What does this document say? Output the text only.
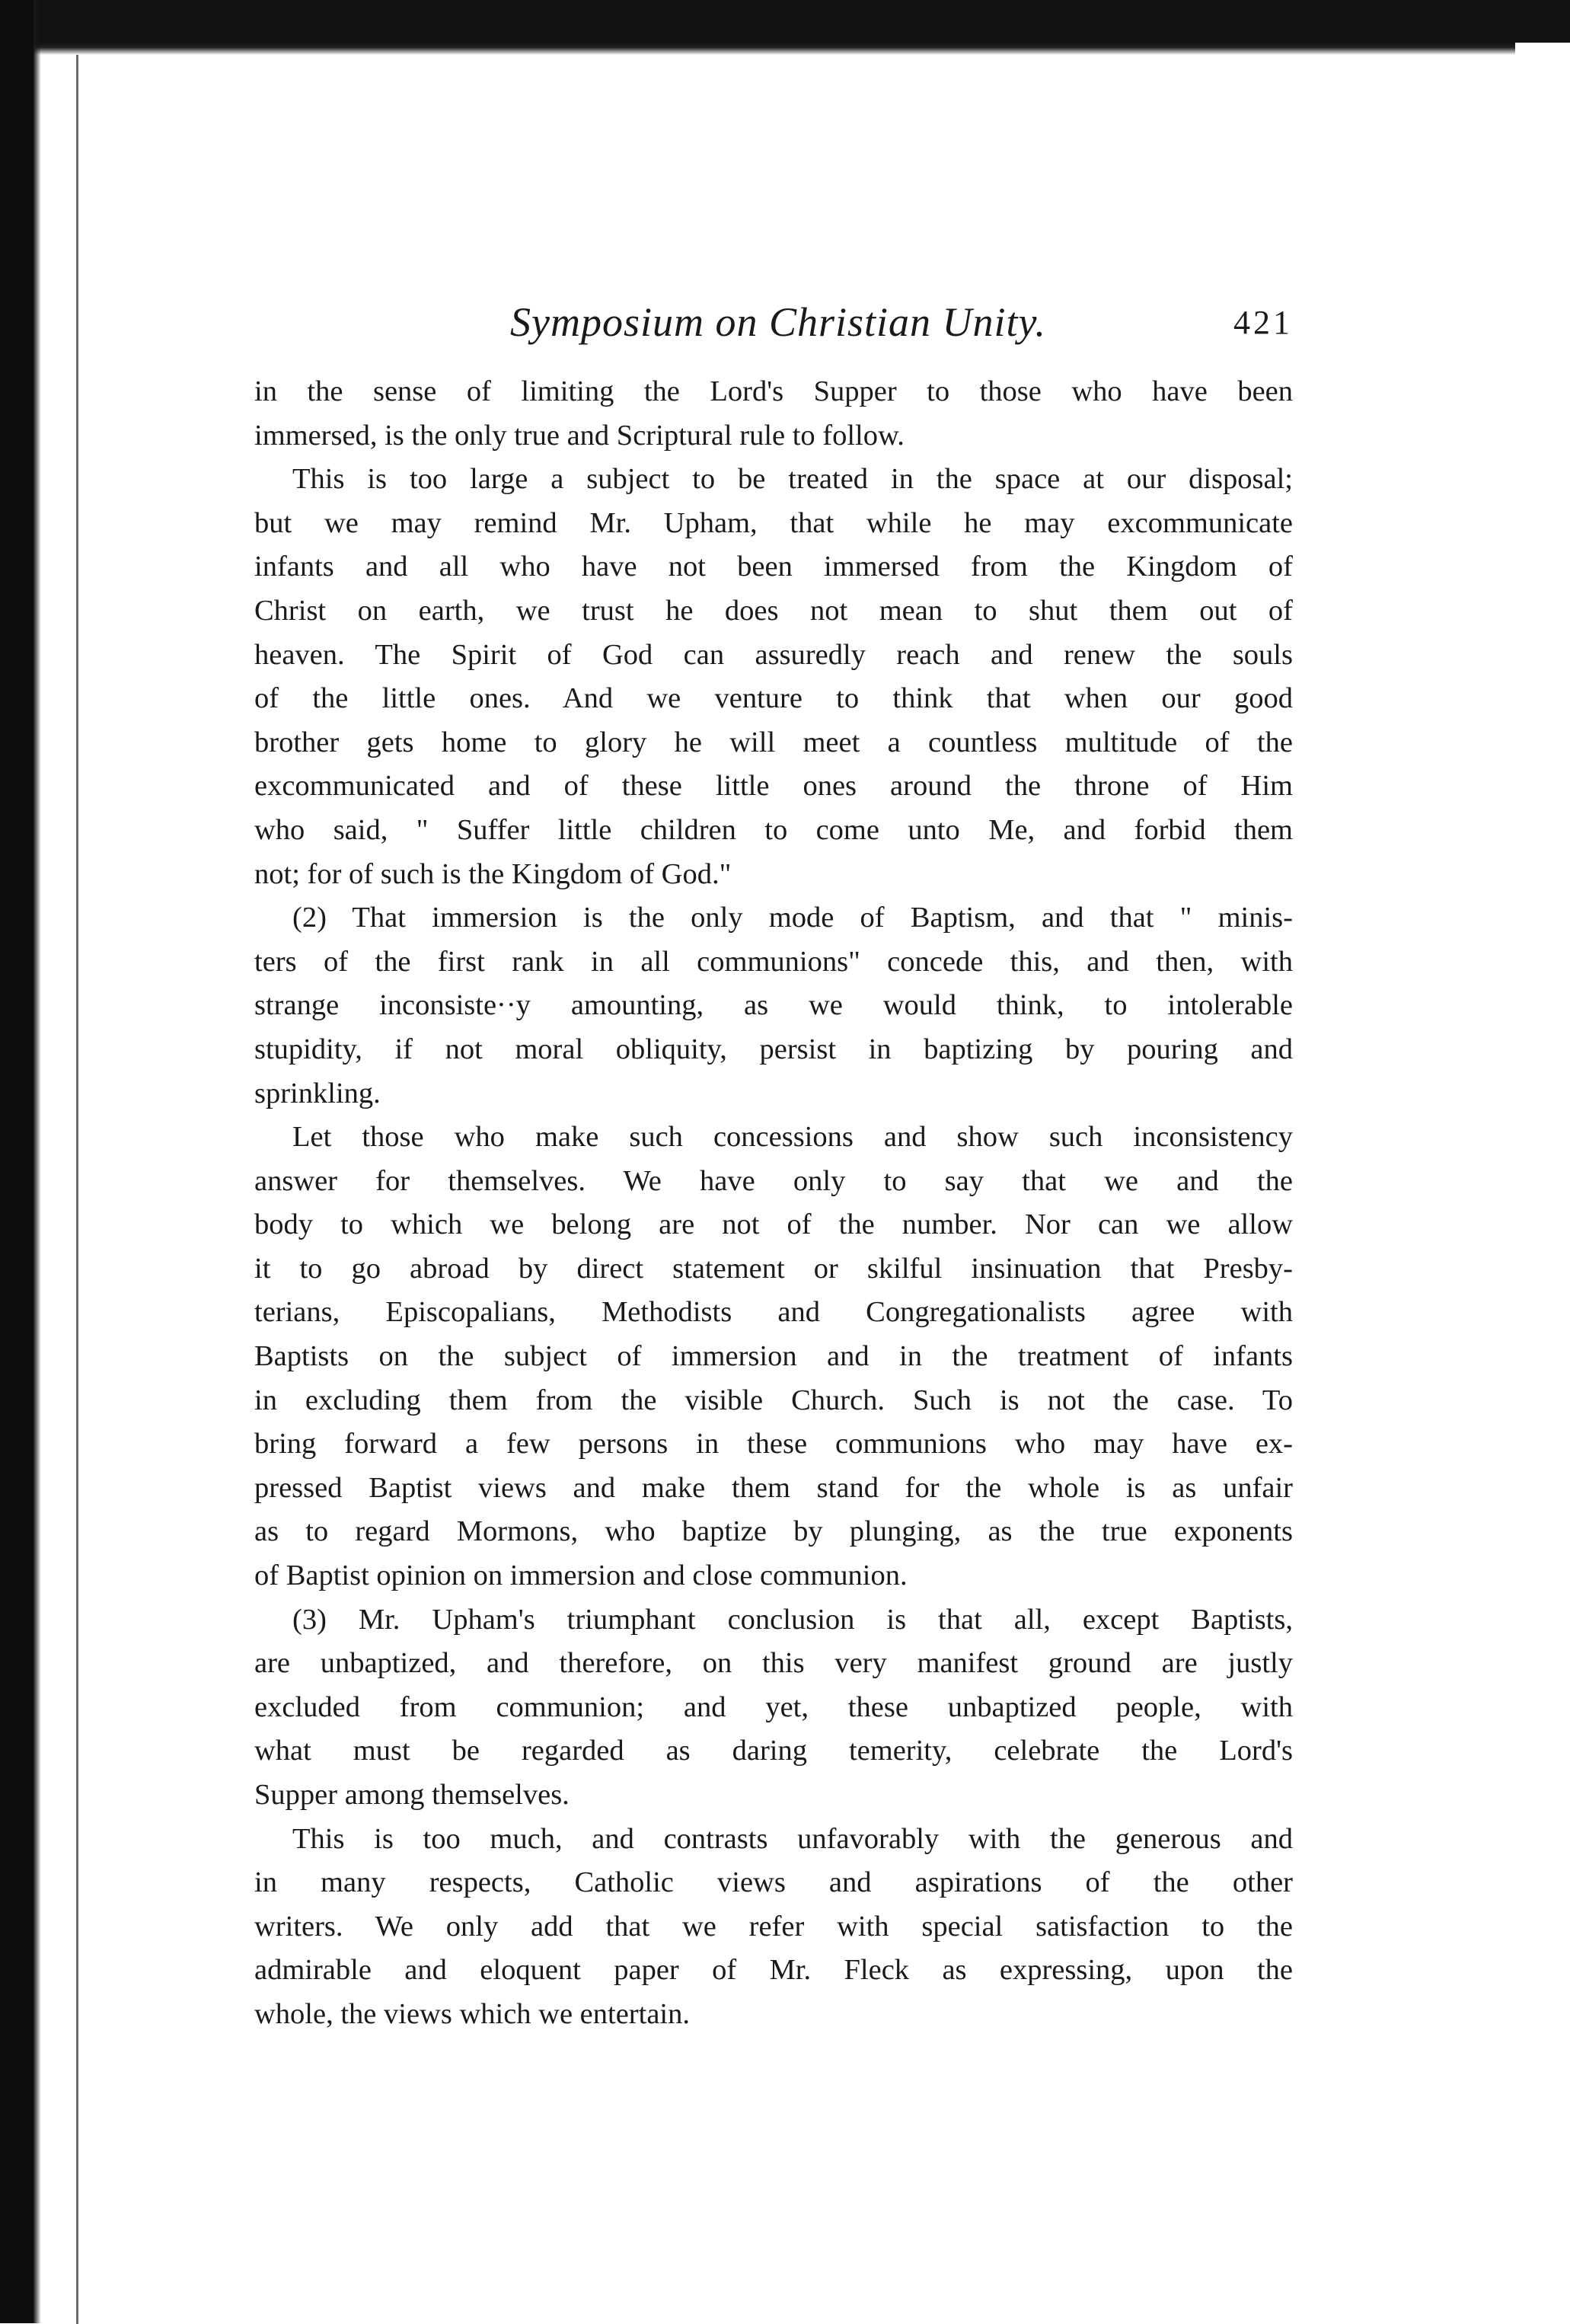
Symposium on Christian Unity.	421
in the sense of limiting the Lord's Supper to those who have been
immersed, is the only true and Scriptural rule to follow.
This is too large a subject to be treated in the space at our disposal;
but we may remind Mr. Upham, that while he may excommunicate
infants and all who have not been immersed from the Kingdom of
Christ on earth, we trust he does not mean to shut them out of
heaven. The Spirit of God can assuredly reach and renew the souls
of the little ones. And we venture to think that when our good
brother gets home to glory he will meet a countless multitude of the
excommunicated and of these little ones around the throne of Him
who said, " Suffer little children to come unto Me, and forbid them
not; for of such is the Kingdom of God."
(2) That immersion is the only mode of Baptism, and that " minis-
ters of the first rank in all communions" concede this, and then, with
strange inconsiste··y amounting, as we would think, to intolerable
stupidity, if not moral obliquity, persist in baptizing by pouring and
sprinkling.
Let those who make such concessions and show such inconsistency
answer for themselves. We have only to say that we and the
body to which we belong are not of the number. Nor can we allow
it to go abroad by direct statement or skilful insinuation that Presby-
terians, Episcopalians, Methodists and Congregationalists agree with
Baptists on the subject of immersion and in the treatment of infants
in excluding them from the visible Church. Such is not the case. To
bring forward a few persons in these communions who may have ex-
pressed Baptist views and make them stand for the whole is as unfair
as to regard Mormons, who baptize by plunging, as the true exponents
of Baptist opinion on immersion and close communion.
(3) Mr. Upham's triumphant conclusion is that all, except Baptists,
are unbaptized, and therefore, on this very manifest ground are justly
excluded from communion; and yet, these unbaptized people, with
what must be regarded as daring temerity, celebrate the Lord's
Supper among themselves.
This is too much, and contrasts unfavorably with the generous and
in many respects, Catholic views and aspirations of the other
writers. We only add that we refer with special satisfaction to the
admirable and eloquent paper of Mr. Fleck as expressing, upon the
whole, the views which we entertain.
